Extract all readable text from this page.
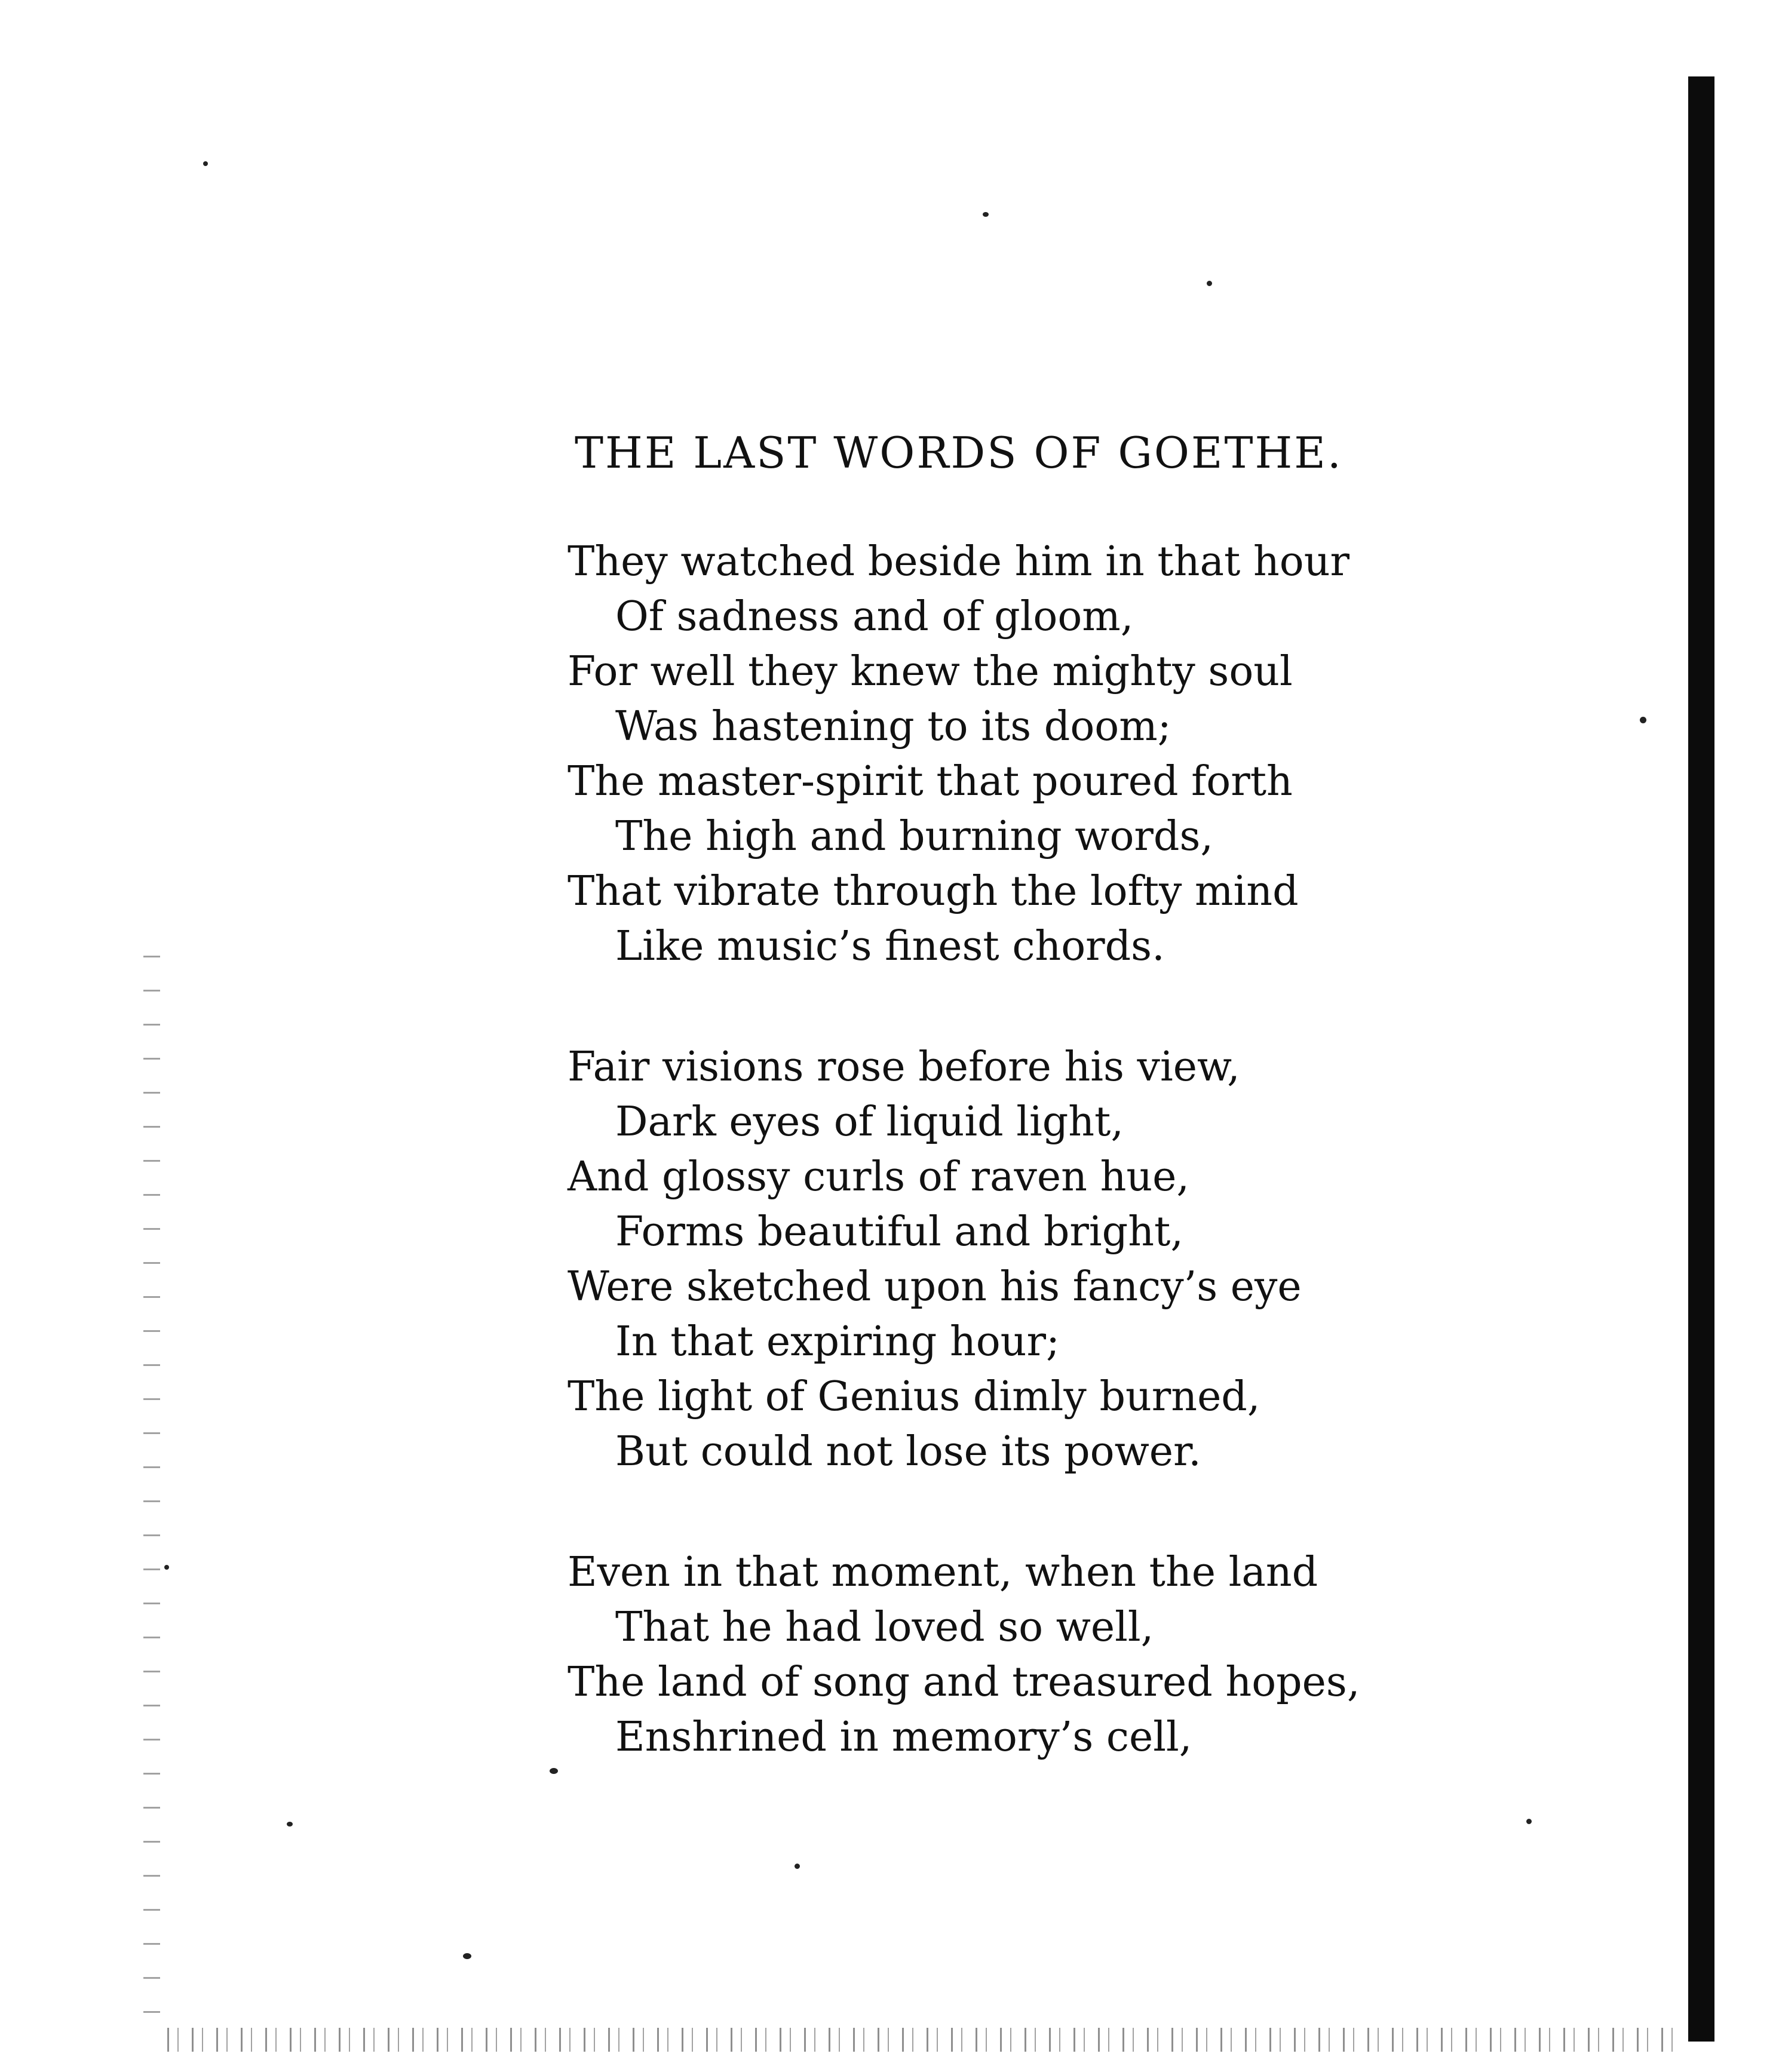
THE LAST WORDS OF GOETHE.
They watched beside him in that hour
Of sadness and of gloom,
For well they knew the mighty soul
Was hastening to its doom;
The master-spirit that poured forth
The high and burning words,
That vibrate through the lofty mind
Like music’s finest chords.
Fair visions rose before his view,
Dark eyes of liquid light,
And glossy curls of raven hue,
Forms beautiful and bright,
Were sketched upon his fancy’s eye
In that expiring hour;
The light of Genius dimly burned,
But could not lose its power.
Even in that moment, when the land
That he had loved so well,
The land of song and treasured hopes,
Enshrined in memory’s cell,
